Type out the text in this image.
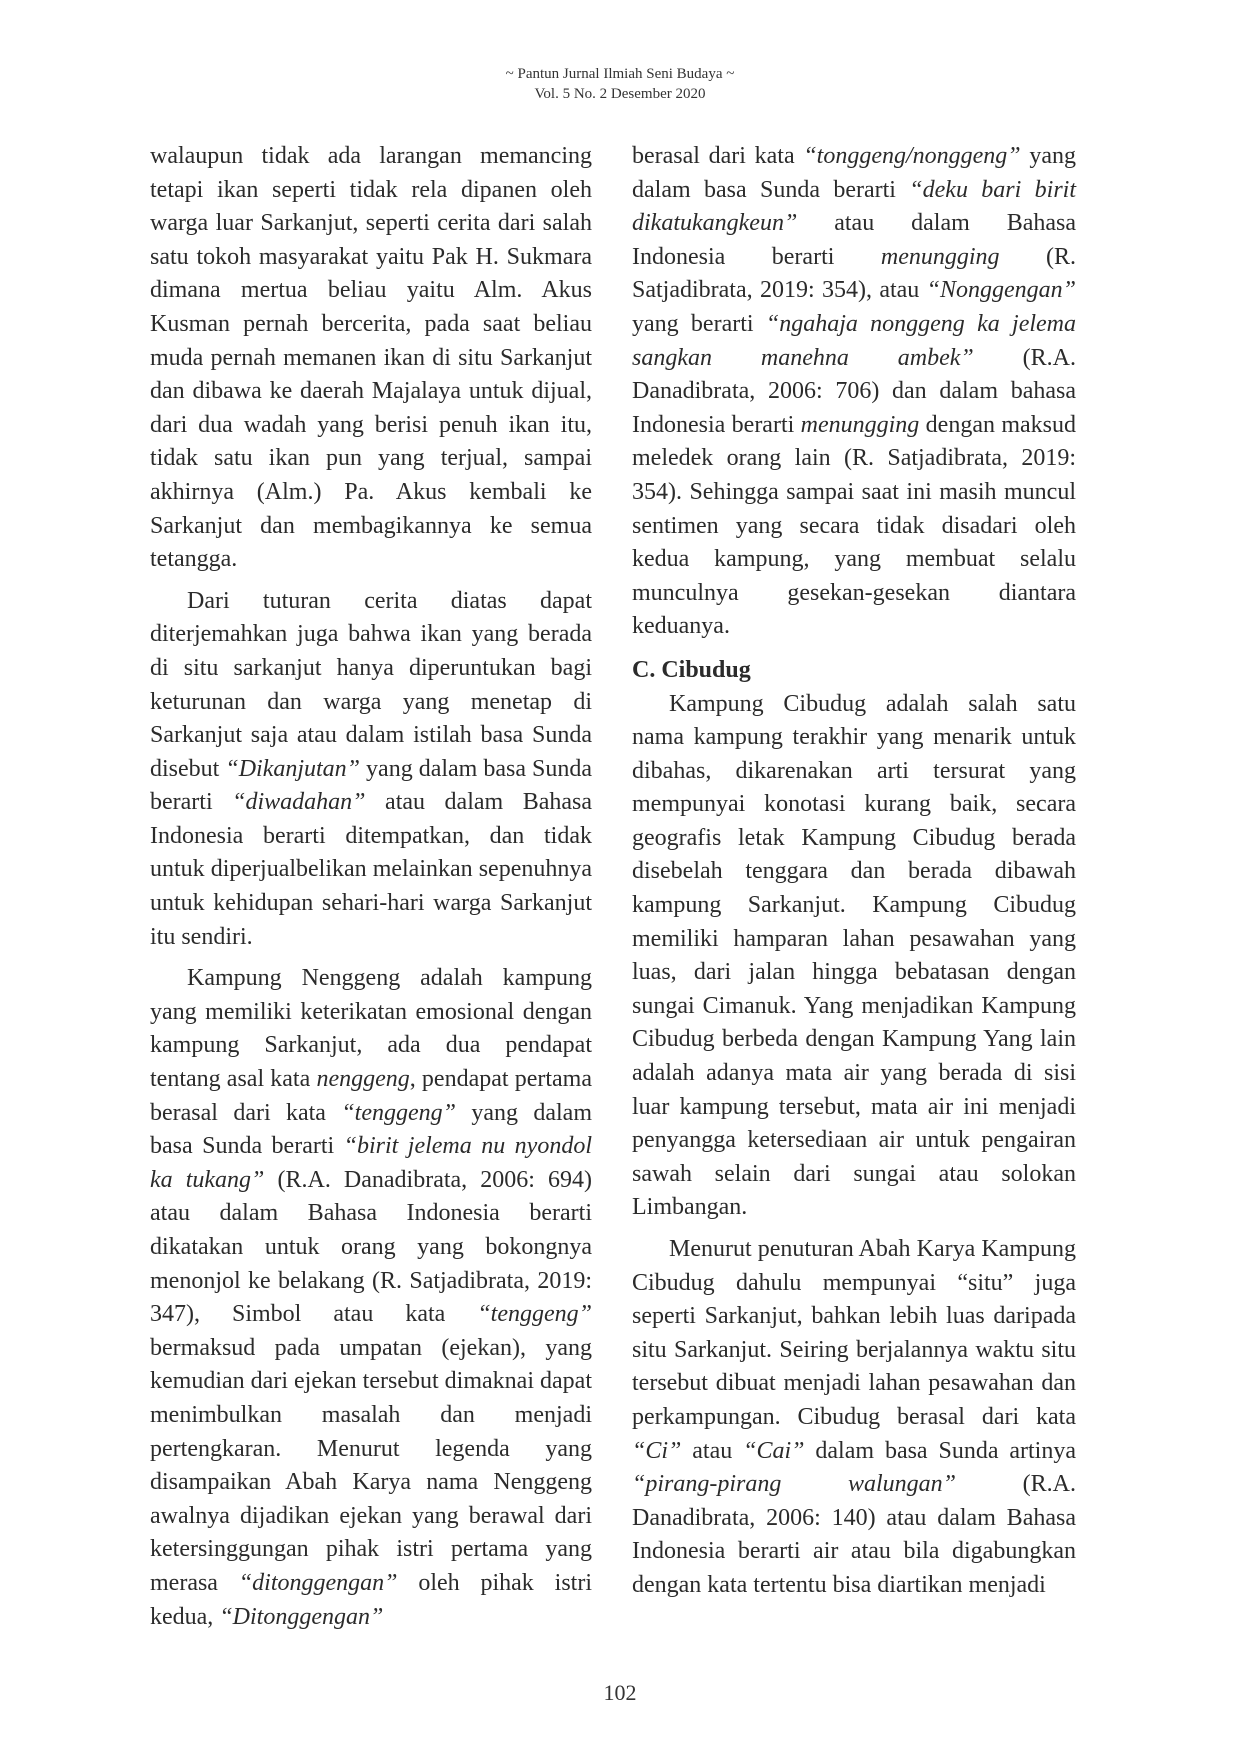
~ Pantun Jurnal Ilmiah Seni Budaya ~
Vol. 5 No. 2 Desember 2020

walaupun tidak ada larangan memancing tetapi ikan seperti tidak rela dipanen oleh warga luar Sarkanjut, seperti cerita dari salah satu tokoh masyarakat yaitu Pak H. Sukmara dimana mertua beliau yaitu Alm. Akus Kusman pernah bercerita, pada saat beliau muda pernah memanen ikan di situ Sarkanjut dan dibawa ke daerah Majalaya untuk dijual, dari dua wadah yang berisi penuh ikan itu, tidak satu ikan pun yang terjual, sampai akhirnya (Alm.) Pa. Akus kembali ke Sarkanjut dan membagikannya ke semua tetangga.

Dari tuturan cerita diatas dapat diterjemahkan juga bahwa ikan yang berada di situ sarkanjut hanya diperuntukan bagi keturunan dan warga yang menetap di Sarkanjut saja atau dalam istilah basa Sunda disebut “Dikanjutan” yang dalam basa Sunda berarti “diwadahan” atau dalam Bahasa Indonesia berarti ditempatkan, dan tidak untuk diperjualbelikan melainkan sepenuhnya untuk kehidupan sehari-hari warga Sarkanjut itu sendiri.

Kampung Nenggeng adalah kampung yang memiliki keterikatan emosional dengan kampung Sarkanjut, ada dua pendapat tentang asal kata nenggeng, pendapat pertama berasal dari kata “tenggeng” yang dalam basa Sunda berarti “birit jelema nu nyondol ka tukang” (R.A. Danadibrata, 2006: 694) atau dalam Bahasa Indonesia berarti dikatakan untuk orang yang bokongnya menonjol ke belakang (R. Satjadibrata, 2019: 347), Simbol atau kata “tenggeng” bermaksud pada umpatan (ejekan), yang kemudian dari ejekan tersebut dimaknai dapat menimbulkan masalah dan menjadi pertengkaran. Menurut legenda yang disampaikan Abah Karya nama Nenggeng awalnya dijadikan ejekan yang berawal dari ketersinggungan pihak istri pertama yang merasa “ditonggengan” oleh pihak istri kedua, “Ditonggengan”

berasal dari kata “tonggeng/nonggeng” yang dalam basa Sunda berarti “deku bari birit dikatukangkeun” atau dalam Bahasa Indonesia berarti menungging (R. Satjadibrata, 2019: 354), atau “Nonggengan” yang berarti “ngahaja nonggeng ka jelema sangkan manehna ambek” (R.A. Danadibrata, 2006: 706) dan dalam bahasa Indonesia berarti menungging dengan maksud meledek orang lain (R. Satjadibrata, 2019: 354). Sehingga sampai saat ini masih muncul sentimen yang secara tidak disadari oleh kedua kampung, yang membuat selalu munculnya gesekan-gesekan diantara keduanya.

C. Cibudug

Kampung Cibudug adalah salah satu nama kampung terakhir yang menarik untuk dibahas, dikarenakan arti tersurat yang mempunyai konotasi kurang baik, secara geografis letak Kampung Cibudug berada disebelah tenggara dan berada dibawah kampung Sarkanjut. Kampung Cibudug memiliki hamparan lahan pesawahan yang luas, dari jalan hingga bebatasan dengan sungai Cimanuk. Yang menjadikan Kampung Cibudug berbeda dengan Kampung Yang lain adalah adanya mata air yang berada di sisi luar kampung tersebut, mata air ini menjadi penyangga ketersediaan air untuk pengairan sawah selain dari sungai atau solokan Limbangan.

Menurut penuturan Abah Karya Kampung Cibudug dahulu mempunyai “situ” juga seperti Sarkanjut, bahkan lebih luas daripada situ Sarkanjut. Seiring berjalannya waktu situ tersebut dibuat menjadi lahan pesawahan dan perkampungan. Cibudug berasal dari kata “Ci” atau “Cai” dalam basa Sunda artinya “pirang-pirang walungan” (R.A. Danadibrata, 2006: 140) atau dalam Bahasa Indonesia berarti air atau bila digabungkan dengan kata tertentu bisa diartikan menjadi

102
